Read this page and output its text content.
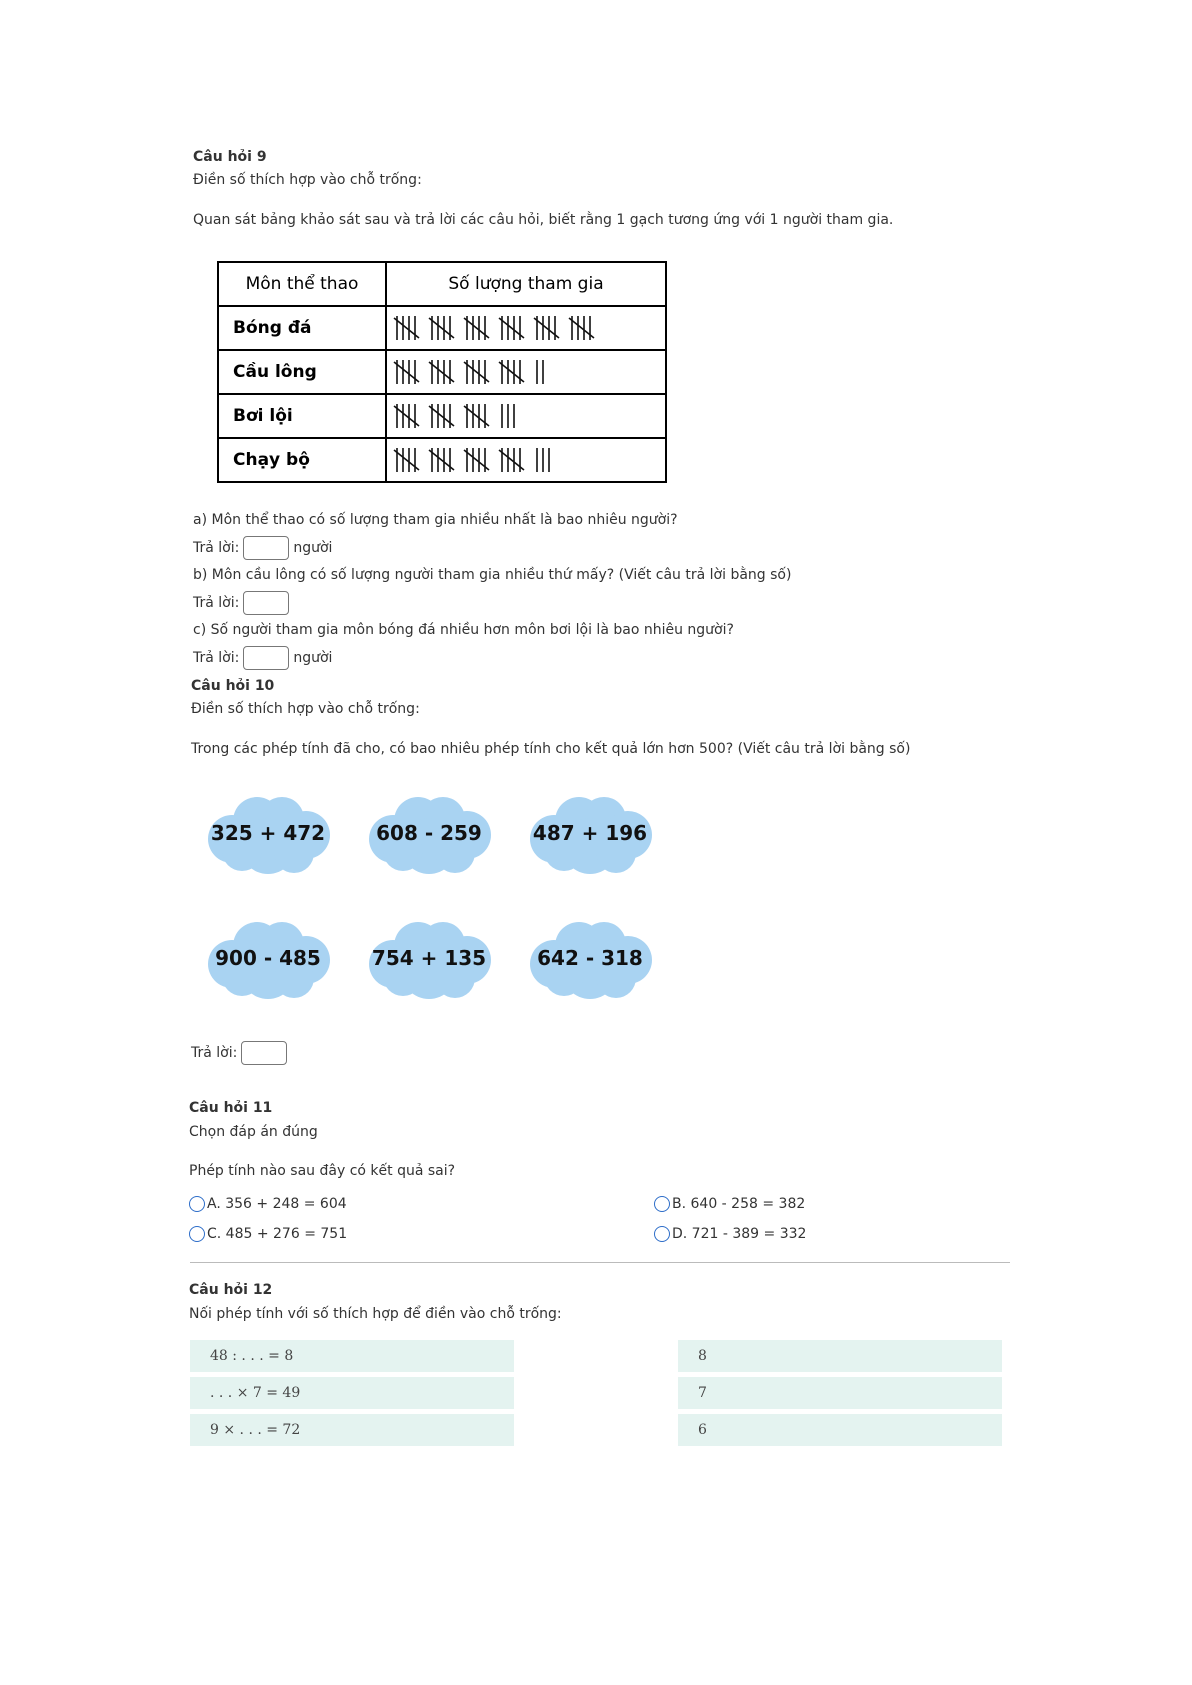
Câu hỏi 9
Điền số thích hợp vào chỗ trống:
Quan sát bảng khảo sát sau và trả lời các câu hỏi, biết rằng 1 gạch tương ứng với 1 người tham gia.
Môn thể thao	Số lượng tham gia
Bóng đá	

Cầu lông	

Bơi lội	

Chạy bộ	
a) Môn thể thao có số lượng tham gia nhiều nhất là bao nhiêu người?
Trả lời:	người
b) Môn cầu lông có số lượng người tham gia nhiều thứ mấy? (Viết câu trả lời bằng số)
Trả lời:
c) Số người tham gia môn bóng đá nhiều hơn môn bơi lội là bao nhiêu người?
Trả lời:	người
Câu hỏi 10
Điền số thích hợp vào chỗ trống:
Trong các phép tính đã cho, có bao nhiêu phép tính cho kết quả lớn hơn 500? (Viết câu trả lời bằng số)
325 + 472	608 - 259	487 + 196
900 - 485	754 + 135	642 - 318
Trả lời:
Câu hỏi 11
Chọn đáp án đúng
Phép tính nào sau đây có kết quả sai?
A. 356 + 248 = 604	B. 640 - 258 = 382
C. 485 + 276 = 751	D. 721 - 389 = 332
Câu hỏi 12
Nối phép tính với số thích hợp để điền vào chỗ trống:
48 : . . . = 8
. . . × 7 = 49
9 × . . . = 72
8
7
6
